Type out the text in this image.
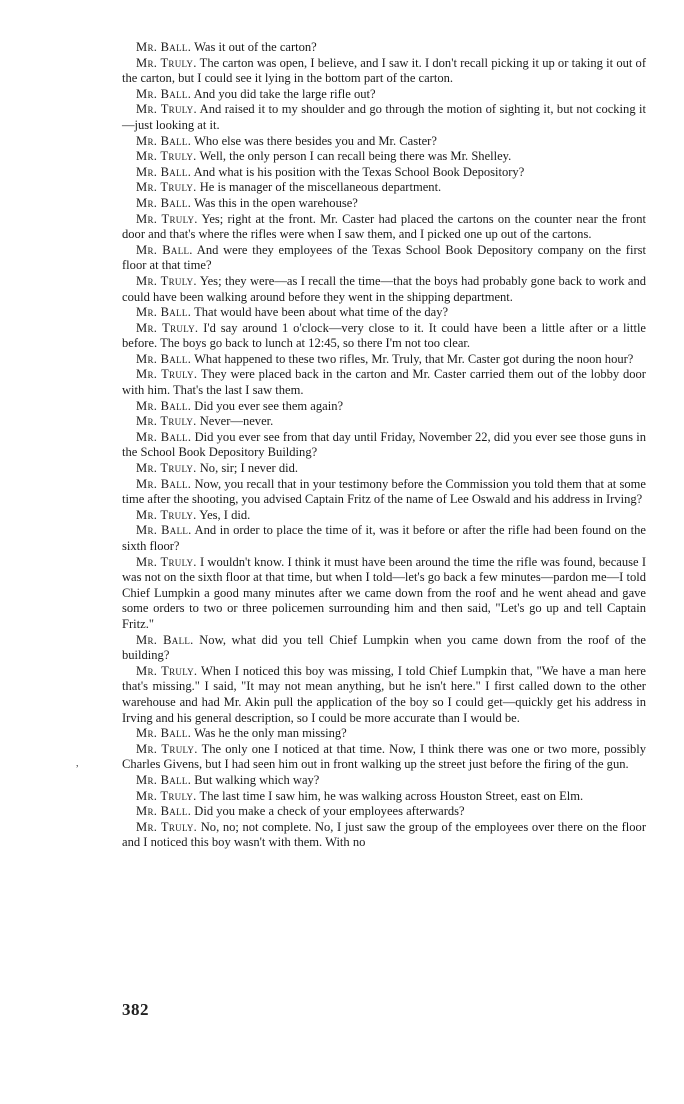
Mr. Ball. Was it out of the carton?

Mr. Truly. The carton was open, I believe, and I saw it. I don't recall picking it up or taking it out of the carton, but I could see it lying in the bottom part of the carton.

Mr. Ball. And you did take the large rifle out?

Mr. Truly. And raised it to my shoulder and go through the motion of sighting it, but not cocking it—just looking at it.

Mr. Ball. Who else was there besides you and Mr. Caster?

Mr. Truly. Well, the only person I can recall being there was Mr. Shelley.

Mr. Ball. And what is his position with the Texas School Book Depository?

Mr. Truly. He is manager of the miscellaneous department.

Mr. Ball. Was this in the open warehouse?

Mr. Truly. Yes; right at the front. Mr. Caster had placed the cartons on the counter near the front door and that's where the rifles were when I saw them, and I picked one up out of the cartons.

Mr. Ball. And were they employees of the Texas School Book Depository company on the first floor at that time?

Mr. Truly. Yes; they were—as I recall the time—that the boys had probably gone back to work and could have been walking around before they went in the shipping department.

Mr. Ball. That would have been about what time of the day?

Mr. Truly. I'd say around 1 o'clock—very close to it. It could have been a little after or a little before. The boys go back to lunch at 12:45, so there I'm not too clear.

Mr. Ball. What happened to these two rifles, Mr. Truly, that Mr. Caster got during the noon hour?

Mr. Truly. They were placed back in the carton and Mr. Caster carried them out of the lobby door with him. That's the last I saw them.

Mr. Ball. Did you ever see them again?

Mr. Truly. Never—never.

Mr. Ball. Did you ever see from that day until Friday, November 22, did you ever see those guns in the School Book Depository Building?

Mr. Truly. No, sir; I never did.

Mr. Ball. Now, you recall that in your testimony before the Commission you told them that at some time after the shooting, you advised Captain Fritz of the name of Lee Oswald and his address in Irving?

Mr. Truly. Yes, I did.

Mr. Ball. And in order to place the time of it, was it before or after the rifle had been found on the sixth floor?

Mr. Truly. I wouldn't know. I think it must have been around the time the rifle was found, because I was not on the sixth floor at that time, but when I told—let's go back a few minutes—pardon me—I told Chief Lumpkin a good many minutes after we came down from the roof and he went ahead and gave some orders to two or three policemen surrounding him and then said, "Let's go up and tell Captain Fritz."

Mr. Ball. Now, what did you tell Chief Lumpkin when you came down from the roof of the building?

Mr. Truly. When I noticed this boy was missing, I told Chief Lumpkin that, "We have a man here that's missing." I said, "It may not mean anything, but he isn't here." I first called down to the other warehouse and had Mr. Akin pull the application of the boy so I could get—quickly get his address in Irving and his general description, so I could be more accurate than I would be.

Mr. Ball. Was he the only man missing?

Mr. Truly. The only one I noticed at that time. Now, I think there was one or two more, possibly Charles Givens, but I had seen him out in front walking up the street just before the firing of the gun.

Mr. Ball. But walking which way?

Mr. Truly. The last time I saw him, he was walking across Houston Street, east on Elm.

Mr. Ball. Did you make a check of your employees afterwards?

Mr. Truly. No, no; not complete. No, I just saw the group of the employees over there on the floor and I noticed this boy wasn't with them. With no

,
382
